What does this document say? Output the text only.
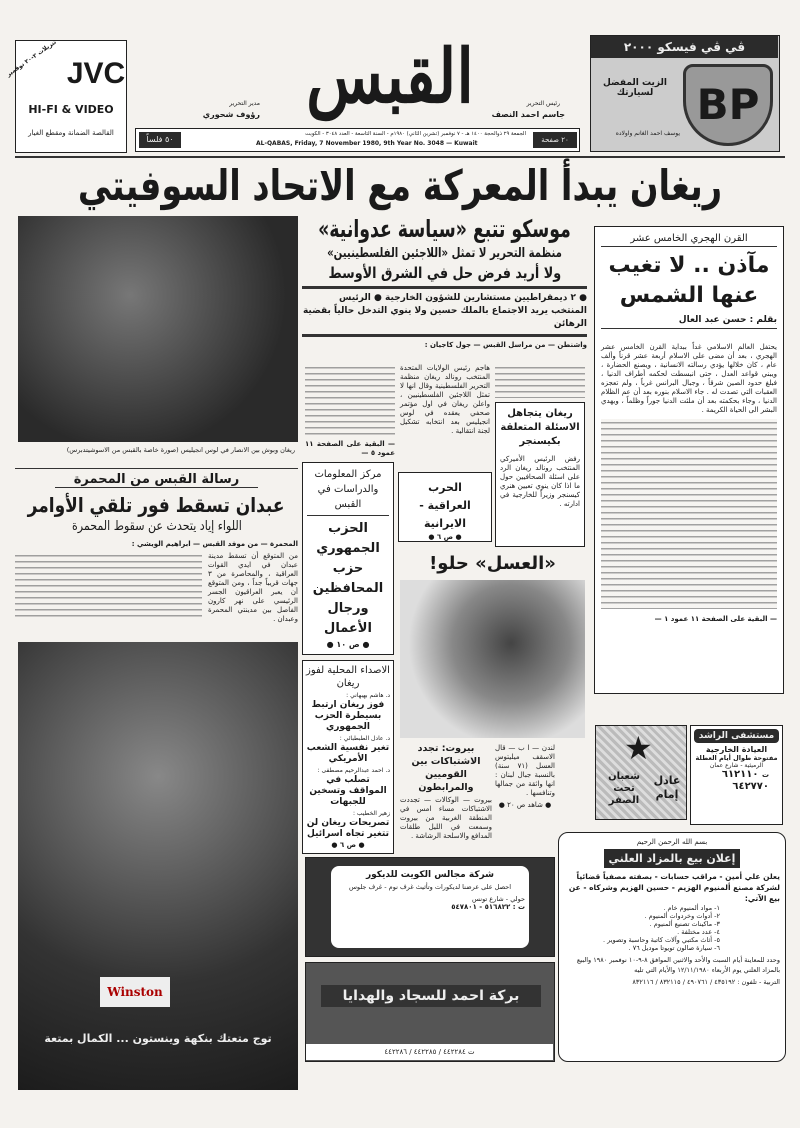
تنزيلات ٢-٢٠ نوفمبر
JVC
HI-FI & VIDEO
القالصة الضمانة ومقطع الغيار
مدير التحرير
رؤوف شحوري القبس	رئيس التحرير
جاسم احمد النصف
٥٠ فلساً
الجمعة ٢٩ ذوالحجة ١٤٠٠ هـ - ٧ نوفمبر (تشرين الثاني) ١٩٨٠م - السنة التاسعة - العدد ٣٠٤٨ - الكويت
AL-QABAS, Friday, 7 November 1980, 9th Year No. 3048 — Kuwait	٢٠ صفحة
ڤي ڤي فيسكو ٢٠٠٠
الزيت المفضل لسيارتك	BP
يوسف احمد الغانم واولاده
ريغان يبدأ المعركة مع الاتحاد السوفيتي
ريغان وبوش بين الانصار في لوس انجيليس (صورة خاصة بالقبس من الاسوشيتدبرس)
موسكو تتبع «سياسة عدوانية»
منظمة التحرير لا تمثل «اللاجئين الفلسطينيين»
ولا أريد فرض حل في الشرق الأوسط
● ٢ ديمقراطيين مستشارين للشؤون الخارجية ● الرئيس المنتخب يريد الاجتماع بالملك حسين ولا ينوي التدخل حالياً بقضية الرهائن
واشنطن — من مراسل القبس — جول كاجيان :
هاجم رئيس الولايات المتحدة المنتخب رونالد ريغان منظمة التحرير الفلسطينية وقال انها لا تمثل اللاجئين الفلسطينيين ، واعلن ريغان في اول مؤتمر صحفي يعقده في لوس انجيليس بعد انتخابه تشكيل لجنة انتقالية .
— البقية على الصفحة ١١ عمود ٥ —
ريغان يتجاهل الاسئلة المتعلقة بكيسنجر
رفض الرئيس الأميركي المنتخب رونالد ريغان الرد على اسئلة الصحافيين حول ما اذا كان ينوي تعيين هنري كيسنجر وزيراً للخارجية في ادارته .
القرن الهجري الخامس عشر
مآذن .. لا تغيب عنها الشمس
بقلم : حسن عبد العال
يحتفل العالم الاسلامي غداً ببداية القرن الخامس عشر الهجري ، بعد أن مضى على الاسلام أربعة عشر قرناً وألف عام ، كان خلالها يؤدي رسالته الانسانية ، ويصنع الحضارة ، ويبني قواعد العدل ، حتى انبسطت لحكمه أطراف الدنيا ، فبلغ حدود الصين شرقاً ، وجبال البرانس غرباً ، ولم تعجزه العقبات التي تصدت له . جاء الاسلام بنوره بعد أن عم الظلام الدنيا ، وجاء بحكمته بعد أن ملئت الدنيا جوراً وظلماً ، ويهدي البشر الى الحياة الكريمة .
— البقية على الصفحة ١١ عمود ١ —
رسالة القبس من المحمرة
عبدان تسقط فور تلقي الأوامر
اللواء إياد يتحدث عن سقوط المحمرة
المحمرة — من موفد القبس — ابراهيم الويشي :
من المتوقع أن تسقط مدينة عبدان في ايدي القوات العراقية ، والمحاصرة من ٣ جهات قريباً جداً ، ومن المتوقع أن يعبر العراقيون الجسر الرئيسي على نهر كارون الفاصل بين مدينتي المحمرة وعبدان .
Winston
توج متعتك بنكهة وينستون ... الكمال بمتعة
مركز المعلومات والدراسات في القبس
الحزب الجمهوري حزب المحافظين ورجال الأعمال
● ص ١٠ ●
الاصداء المحلية لفوز ريغان
د. هاشم بهبهاني :
فوز ريغان ارتبط بسيطرة الحزب الجمهوري
د. عادل الطبطبائي :
تغير نفسية الشعب الأمريكي
د. احمد عبدالرحيم مصطفى :
تصلب في المواقف وتسخين للجبهات
زهير الخطيب :
تصريحات ريغان لن تتغير تجاه اسرائيل
● ص ٦ ●
الحرب العراقية - الايرانية
● ص ٦ ●
«العسل» حلو!
بيروت: تجدد الاشتباكات بين القوميين والمرابطون
بيروت — الوكالات — تجددت الاشتباكات مساء امس في المنطقة الغربية من بيروت وسمعت في الليل طلقات المدافع والاسلحة الرشاشة .
لندن — ا ب — قال الاسقف ميليتوس العسل (٧١ سنة) بالنسبة جبال لبنان : انها واثقة من جمالها وتنافسها .
● شاهد ص ٢٠ ●
★
شعبان تحت الصفر
عادل إمام
مستشفى الراشد
العيادة الخارجية
مفتوحة طوال أيام العطلة
الرميثية - شارع عمان
ت ٦١٢١١٠
٦٤٢٧٧٠
بسم الله الرحمن الرحيم
إعلان بيع بالمزاد العلني
يعلن علي أمين - مراقب حسابات - بصفته مصفياً قضائياً لشركة مصنع ألمنيوم الهزيم - حسين الهزيم وشركاه - عن بيع الآتي:
١- مواد ألمنيوم خام .
٢- أدوات وخردوات ألمنيوم .
٣- ماكينات تصنيع ألمنيوم .
٤- عدد مختلفة .
٥- أثاث مكتبي وآلات كاتبة وحاسبة وتصوير .
٦- سيارة صالون تويوتا موديل ٧٦ .
وحدد للمعاينة أيام السبت والأحد والاثنين الموافق ٨-٩-١٠ نوفمبر ١٩٨٠ والبيع بالمزاد العلني يوم الأربعاء ١٢/١١/١٩٨٠ والأيام التي تليه
التربية - تلفون : ٤٣٥١٩٢ / ٤٩٠٧٦١ / ٨٣٢١١٥ / ٨٣٢١١٦
شركة مجالس الكويت للديكور
احصل على عرضنا لديكورات وتأثيث غرف نوم - غرف جلوس
حولي - شارع تونس
ت : ٥١٦٨٢٢ - ٥٤٧٨٠١
بركة احمد للسجاد والهدايا
ت ٤٤٢٢٨٤ / ٤٤٢٢٨٥ / ٤٤٢٢٨٦
